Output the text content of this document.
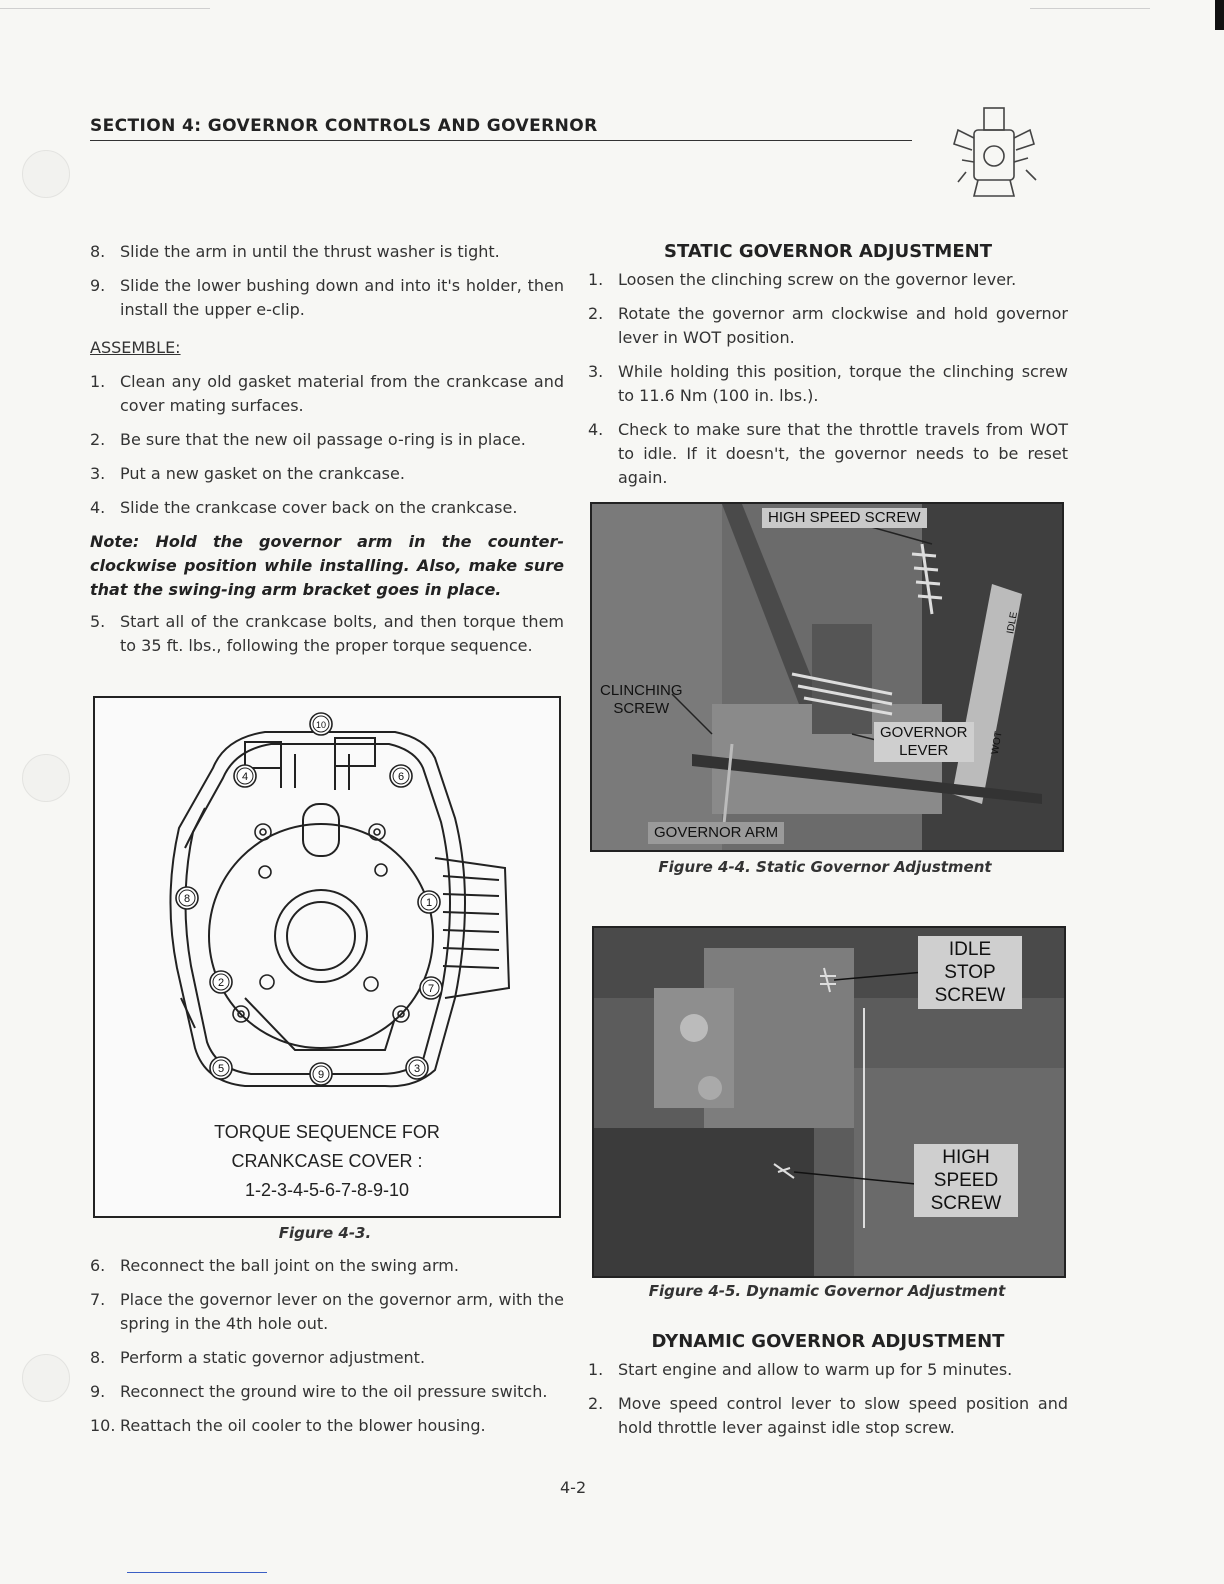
SECTION 4: GOVERNOR CONTROLS AND GOVERNOR
8. Slide the arm in until the thrust washer is tight.
9. Slide the lower bushing down and into it's holder, then install the upper e-clip.
ASSEMBLE:
1. Clean any old gasket material from the crankcase and cover mating surfaces.
2. Be sure that the new oil passage o-ring is in place.
3. Put a new gasket on the crankcase.
4. Slide the crankcase cover back on the crankcase.
Note: Hold the governor arm in the counter-clockwise position while installing. Also, make sure that the swing-ing arm bracket goes in place.
5. Start all of the crankcase bolts, and then torque them to 35 ft. lbs., following the proper torque sequence.
10
4	6
8	1
2	7
5	9	3
TORQUE SEQUENCE FOR
CRANKCASE COVER :
1-2-3-4-5-6-7-8-9-10
Figure 4-3.
6. Reconnect the ball joint on the swing arm.
7. Place the governor lever on the governor arm, with the spring in the 4th hole out.
8. Perform a static governor adjustment.
9. Reconnect the ground wire to the oil pressure switch.
10. Reattach the oil cooler to the blower housing.
STATIC GOVERNOR ADJUSTMENT
1. Loosen the clinching screw on the governor lever.
2. Rotate the governor arm clockwise and hold governor lever in WOT position.
3. While holding this position, torque the clinching screw to 11.6 Nm (100 in. lbs.).
4. Check to make sure that the throttle travels from WOT to idle. If it doesn't, the governor needs to be reset again.
HIGH SPEED SCREW
CLINCHING
SCREW
GOVERNOR
LEVER
GOVERNOR ARM
IDLE
WOT
Figure 4-4. Static Governor Adjustment
IDLE
STOP
SCREW
HIGH
SPEED
SCREW
Figure 4-5. Dynamic Governor Adjustment
DYNAMIC GOVERNOR ADJUSTMENT
1. Start engine and allow to warm up for 5 minutes.
2. Move speed control lever to slow speed position and hold throttle lever against idle stop screw.
4-2
